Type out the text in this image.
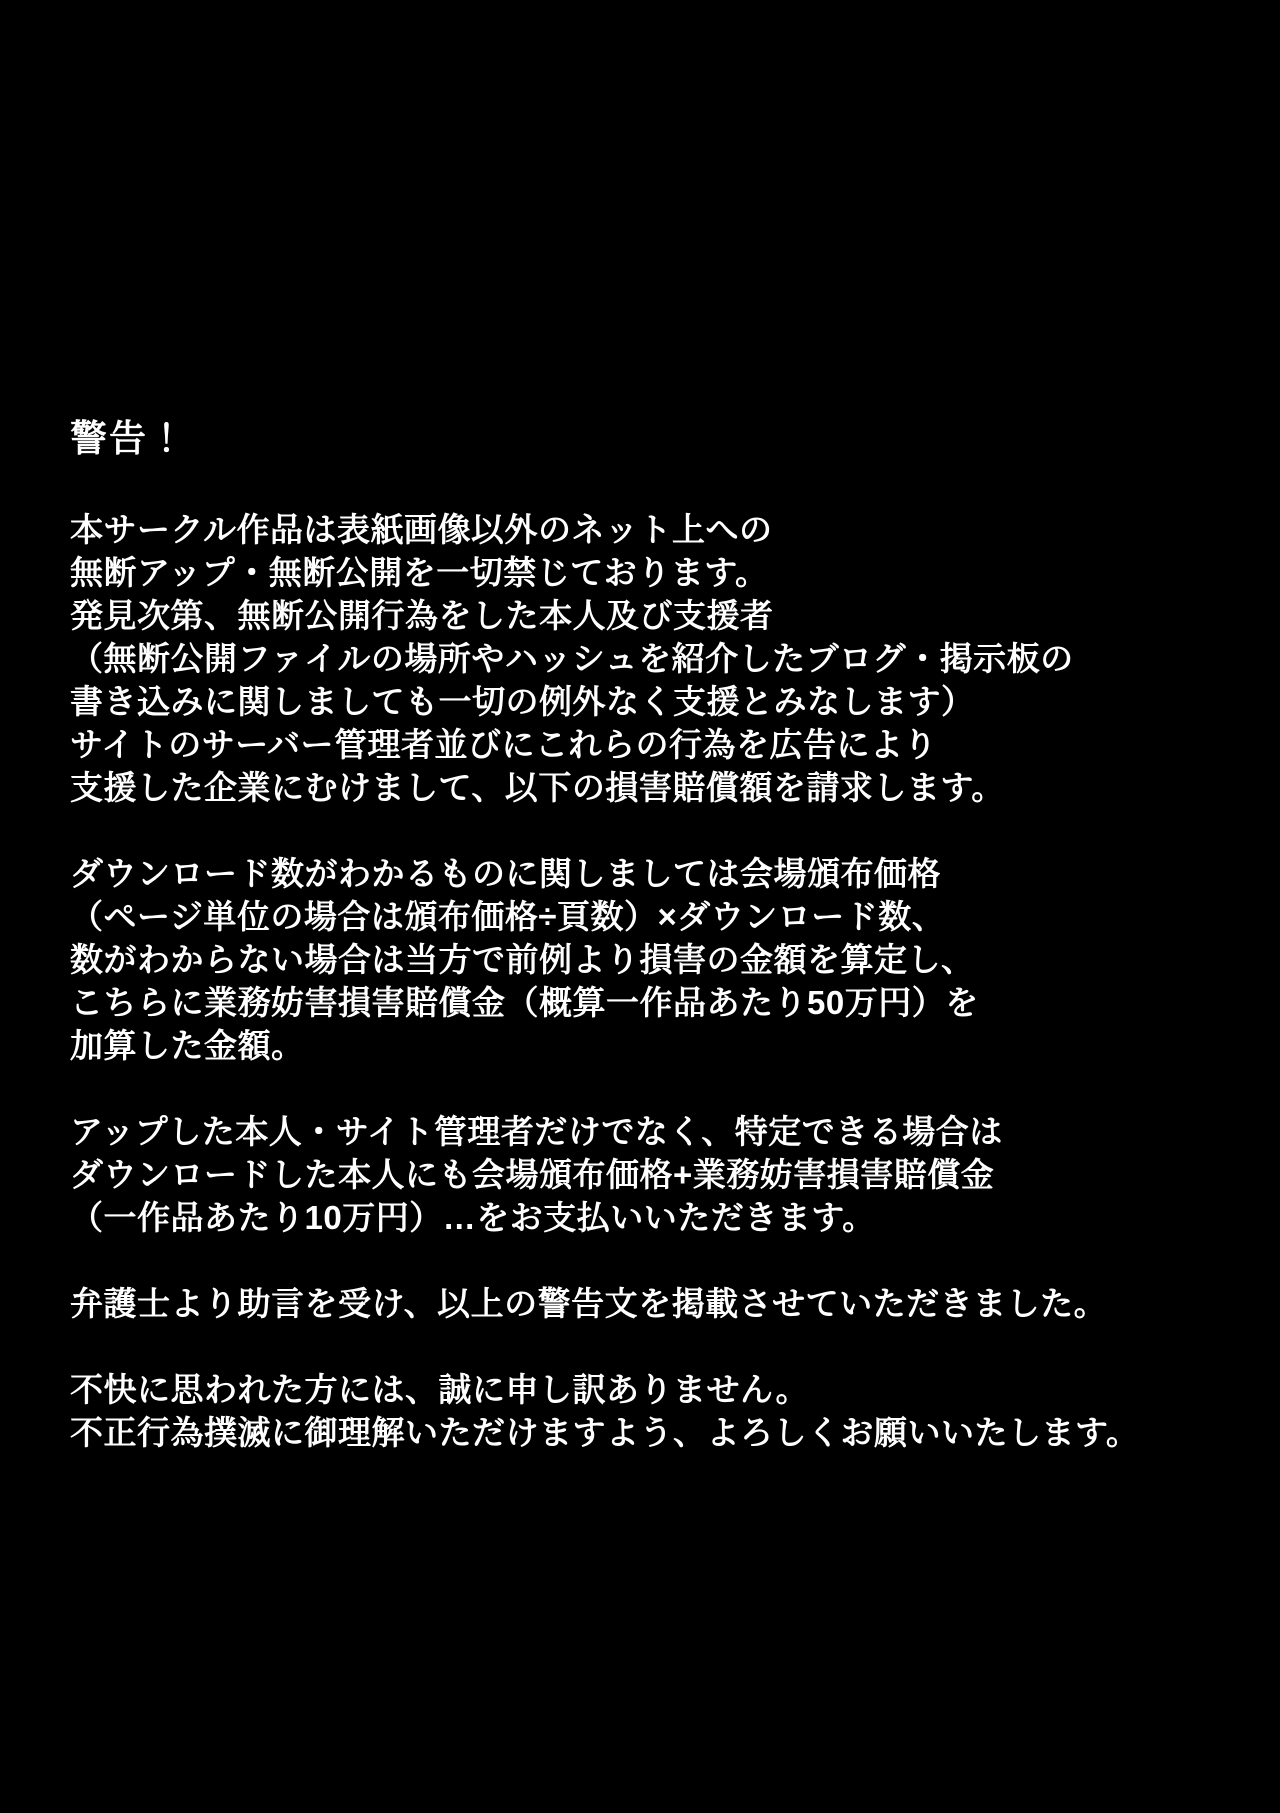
警告！
本サークル作品は表紙画像以外のネット上への
無断アップ・無断公開を一切禁じております。
発見次第、無断公開行為をした本人及び支援者
（無断公開ファイルの場所やハッシュを紹介したブログ・掲示板の
書き込みに関しましても一切の例外なく支援とみなします）
サイトのサーバー管理者並びにこれらの行為を広告により
支援した企業にむけまして、以下の損害賠償額を請求します。
ダウンロード数がわかるものに関しましては会場頒布価格
（ページ単位の場合は頒布価格÷頁数）×ダウンロード数、
数がわからない場合は当方で前例より損害の金額を算定し、
こちらに業務妨害損害賠償金（概算一作品あたり50万円）を
加算した金額。
アップした本人・サイト管理者だけでなく、特定できる場合は
ダウンロードした本人にも会場頒布価格+業務妨害損害賠償金
（一作品あたり10万円）…をお支払いいただきます。
弁護士より助言を受け、以上の警告文を掲載させていただきました。
不快に思われた方には、誠に申し訳ありません。
不正行為撲滅に御理解いただけますよう、よろしくお願いいたします。
